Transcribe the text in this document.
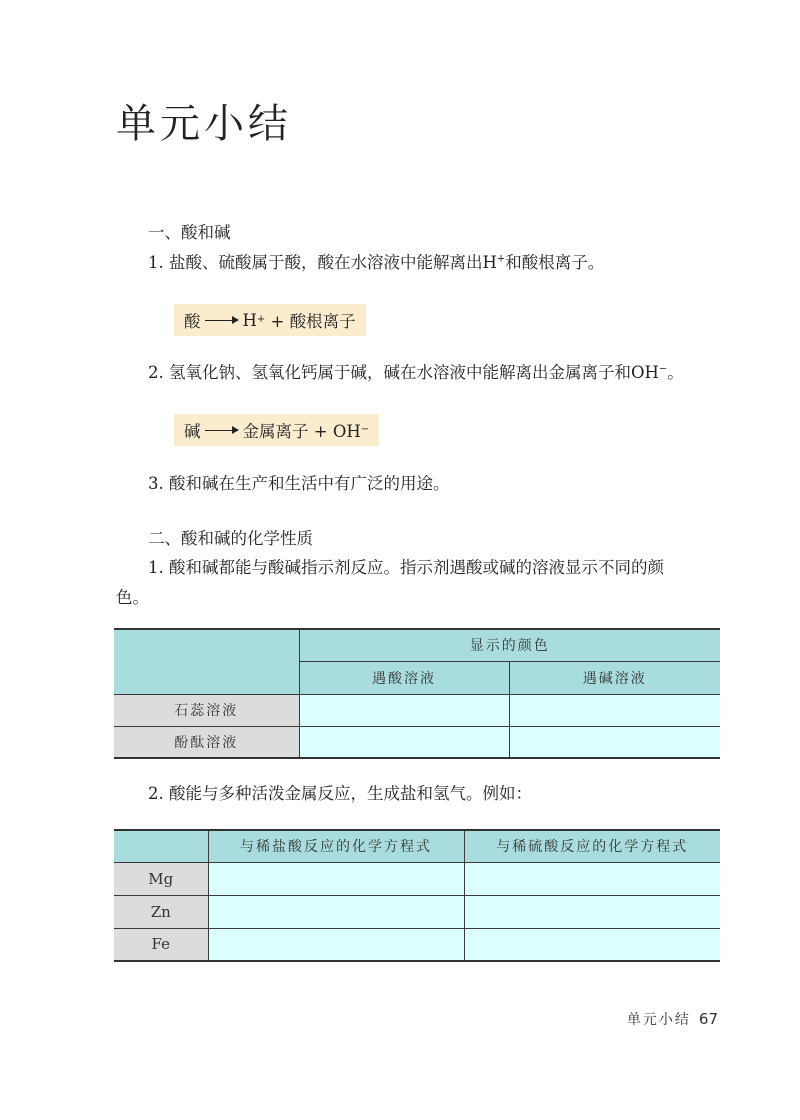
单元小结
一、酸和碱
1. 盐酸、硫酸属于酸，酸在水溶液中能解离出H+和酸根离子。
酸	H + + 酸根离子
2. 氢氧化钠、氢氧化钙属于碱，碱在水溶液中能解离出金属离子和OH−。
碱	金属离子 + OH −
3. 酸和碱在生产和生活中有广泛的用途。
二、酸和碱的化学性质
1. 酸和碱都能与酸碱指示剂反应。指示剂遇酸或碱的溶液显示不同的颜
色。
	显示的颜色	
	遇酸溶液	遇碱溶液
石蕊溶液		
酚酞溶液		
2. 酸能与多种活泼金属反应，生成盐和氢气。例如：
	与稀盐酸反应的化学方程式	与稀硫酸反应的化学方程式
Mg		
Zn		
Fe		
单元小结 67
